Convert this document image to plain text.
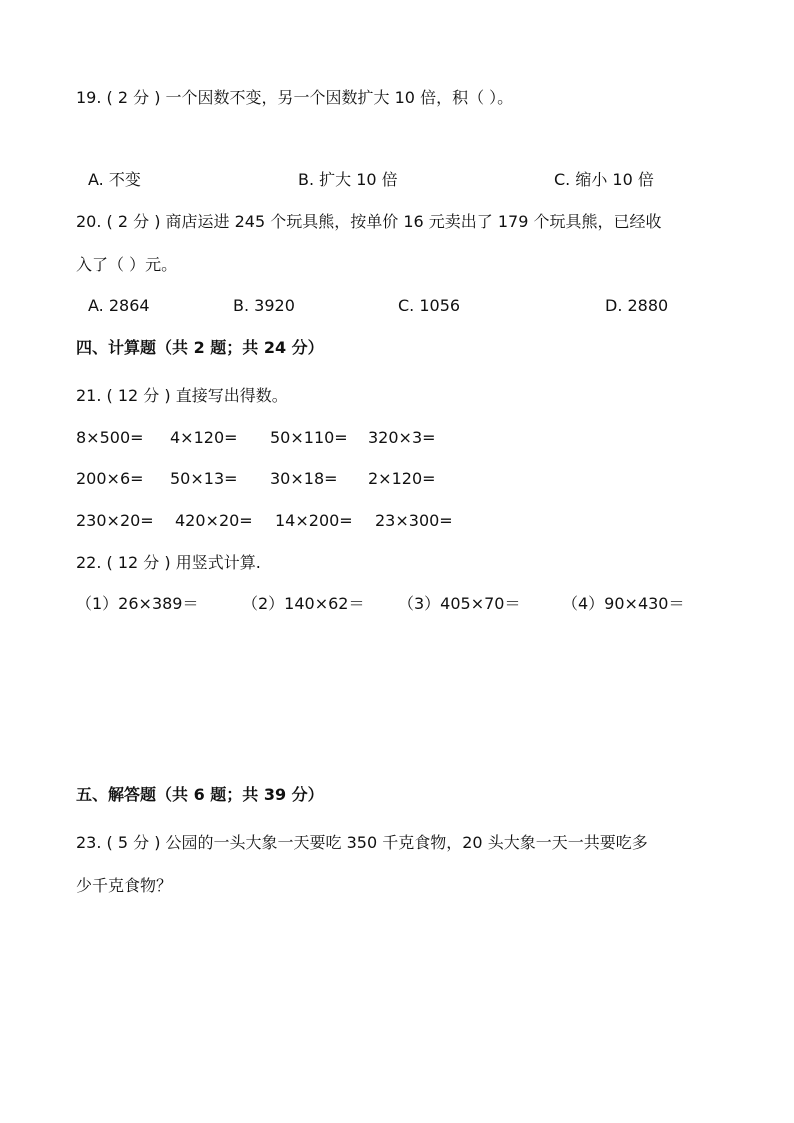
19. ( 2 分 ) 一个因数不变，另一个因数扩大 10 倍，积（ ）。
A. 不变	B. 扩大 10 倍	C. 缩小 10 倍
20. ( 2 分 ) 商店运进 245 个玩具熊，按单价 16 元卖出了 179 个玩具熊，已经收
入了（ ）元。
A. 2864	B. 3920	C. 1056	D. 2880
四、计算题（共 2 题；共 24 分）
21. ( 12 分 ) 直接写出得数。
8×500= 4×120= 50×110= 320×3=
200×6= 50×13= 30×18= 2×120=
230×20= 420×20= 14×200= 23×300=
22. ( 12 分 ) 用竖式计算.
（1）26×389＝	（2）140×62＝ （3）405×70＝	（4）90×430＝
五、解答题（共 6 题；共 39 分）
23. ( 5 分 ) 公园的一头大象一天要吃 350 千克食物，20 头大象一天一共要吃多
少千克食物？
